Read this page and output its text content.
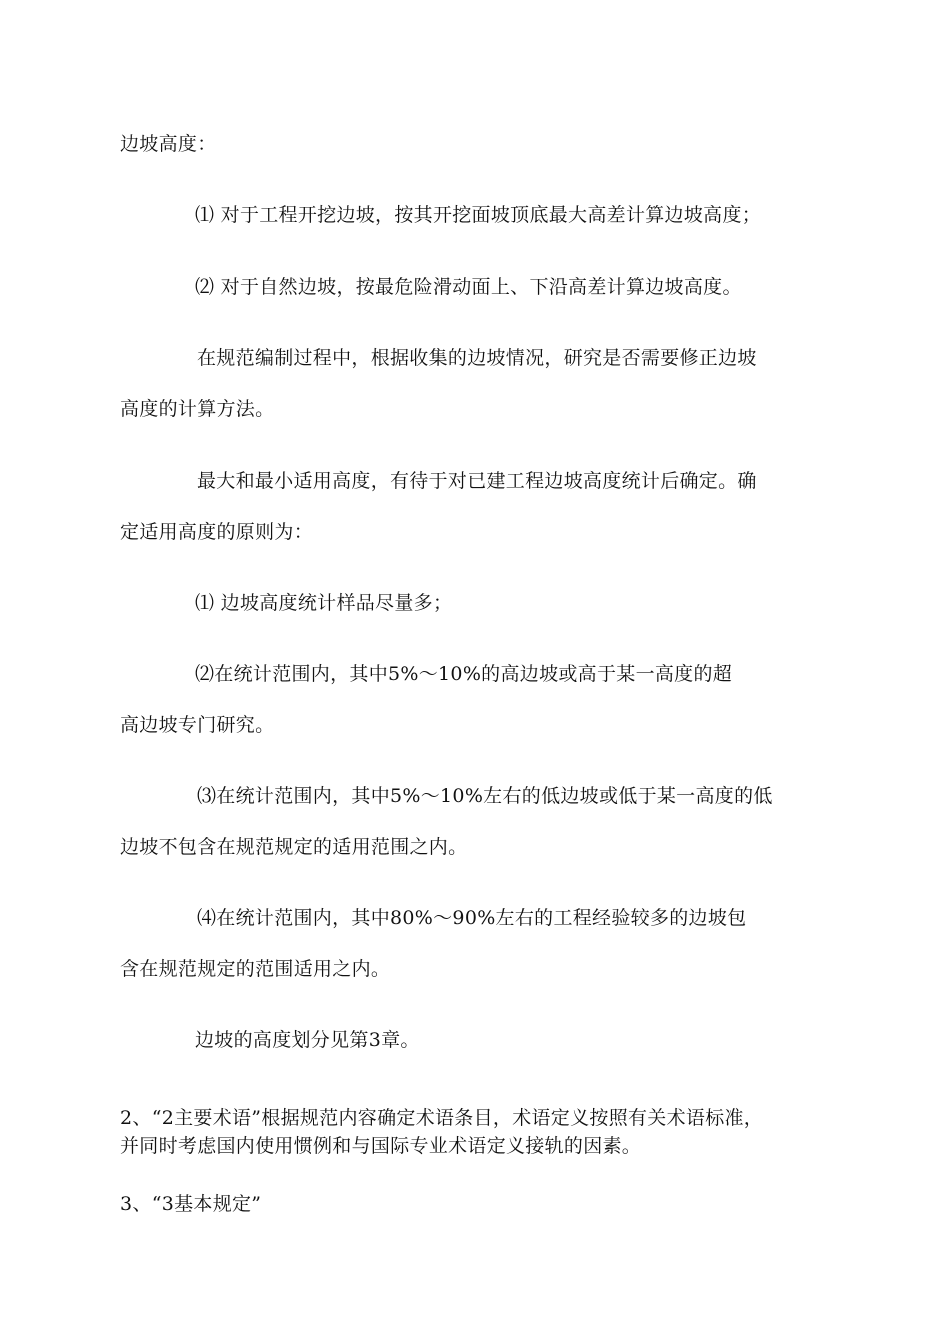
边坡高度：
⑴ 对于工程开挖边坡，按其开挖面坡顶底最大高差计算边坡高度；
⑵ 对于自然边坡，按最危险滑动面上、下沿高差计算边坡高度。
在规范编制过程中，根据收集的边坡情况，研究是否需要修正边坡
高度的计算方法。
最大和最小适用高度，有待于对已建工程边坡高度统计后确定。确
定适用高度的原则为：
⑴ 边坡高度统计样品尽量多；
⑵在统计范围内，其中5%〜10%的高边坡或高于某一高度的超
高边坡专门研究。
⑶在统计范围内，其中5%〜10%左右的低边坡或低于某一高度的低
边坡不包含在规范规定的适用范围之内。
⑷在统计范围内，其中80%〜90%左右的工程经验较多的边坡包
含在规范规定的范围适用之内。
边坡的高度划分见第3章。
2、“2主要术语”根据规范内容确定术语条目，术语定义按照有关术语标准，
并同时考虑国内使用惯例和与国际专业术语定义接轨的因素。
3、“3基本规定”
